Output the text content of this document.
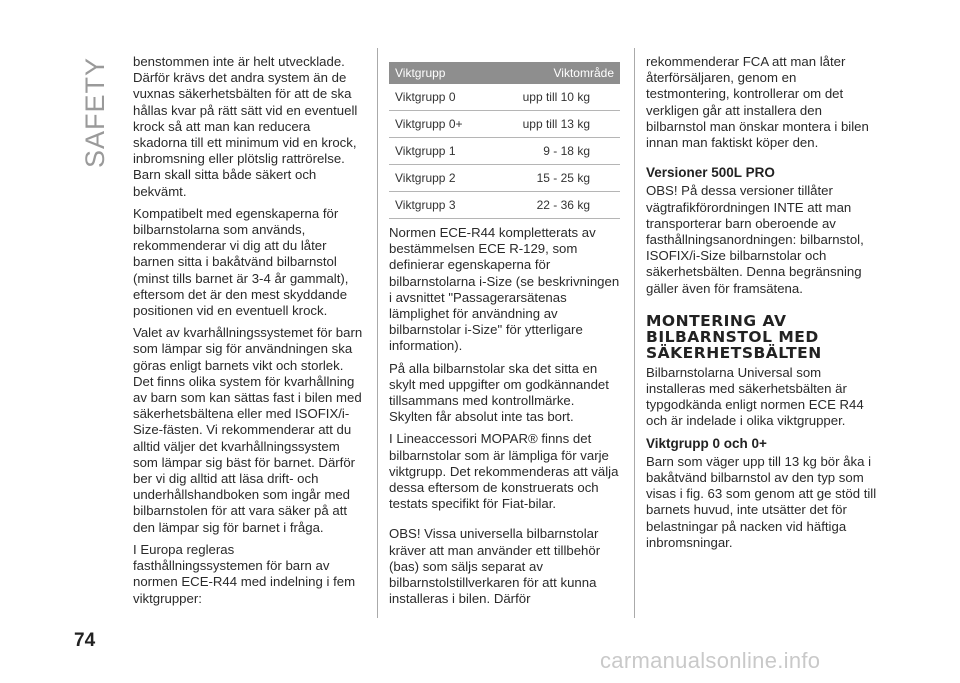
SAFETY benstommen inte är helt utvecklade. Därför krävs det andra system än de vuxnas säkerhetsbälten för att de ska hållas kvar på rätt sätt vid en eventuell krock så att man kan reducera skadorna till ett minimum vid en krock, inbromsning eller plötslig rattrörelse. Barn skall sitta både säkert och bekvämt.

Kompatibelt med egenskaperna för bilbarnstolarna som används, rekommenderar vi dig att du låter barnen sitta i bakåtvänd bilbarnstol (minst tills barnet är 3-4 år gammalt), eftersom det är den mest skyddande positionen vid en eventuell krock.

Valet av kvarhållningssystemet för barn som lämpar sig för användningen ska göras enligt barnets vikt och storlek. Det finns olika system för kvarhållning av barn som kan sättas fast i bilen med säkerhetsbältena eller med ISOFIX/i-Size-fästen. Vi rekommenderar att du alltid väljer det kvarhållningssystem som lämpar sig bäst för barnet. Därför ber vi dig alltid att läsa drift- och underhållshandboken som ingår med bilbarnstolen för att vara säker på att den lämpar sig för barnet i fråga.

I Europa regleras fasthållningssystemen för barn av normen ECE-R44 med indelning i fem viktgrupper:

Viktgrupp	Viktområde
Viktgrupp 0	upp till 10 kg
Viktgrupp 0+	upp till 13 kg
Viktgrupp 1	9 - 18 kg
Viktgrupp 2	15 - 25 kg
Viktgrupp 3	22 - 36 kg

Normen ECE-R44 kompletterats av bestämmelsen ECE R-129, som definierar egenskaperna för bilbarnstolarna i-Size (se beskrivningen i avsnittet "Passagerarsätenas lämplighet för användning av bilbarnstolar i-Size" för ytterligare information).

På alla bilbarnstolar ska det sitta en skylt med uppgifter om godkännandet tillsammans med kontrollmärke. Skylten får absolut inte tas bort.

I Lineaccessori MOPAR® finns det bilbarnstolar som är lämpliga för varje viktgrupp. Det rekommenderas att välja dessa eftersom de konstruerats och testats specifikt för Fiat-bilar.

OBS! Vissa universella bilbarnstolar kräver att man använder ett tillbehör (bas) som säljs separat av bilbarnstolstillverkaren för att kunna installeras i bilen. Därför

rekommenderar FCA att man låter återförsäljaren, genom en testmontering, kontrollerar om det verkligen går att installera den bilbarnstol man önskar montera i bilen innan man faktiskt köper den.

Versioner 500L PRO

OBS! På dessa versioner tillåter vägtrafikförordningen INTE att man transporterar barn oberoende av fasthållningsanordningen: bilbarnstol, ISOFIX/i-Size bilbarnstolar och säkerhetsbälten. Denna begränsning gäller även för framsätena.

MONTERING AV BILBARNSTOL MED SÄKERHETSBÄLTEN

Bilbarnstolarna Universal som installeras med säkerhetsbälten är typgodkända enligt normen ECE R44 och är indelade i olika viktgrupper.

Viktgrupp 0 och 0+

Barn som väger upp till 13 kg bör åka i bakåtvänd bilbarnstol av den typ som visas i fig. 63 som genom att ge stöd till barnets huvud, inte utsätter det för belastningar på nacken vid häftiga inbromsningar.

74
carmanualsonline.info
